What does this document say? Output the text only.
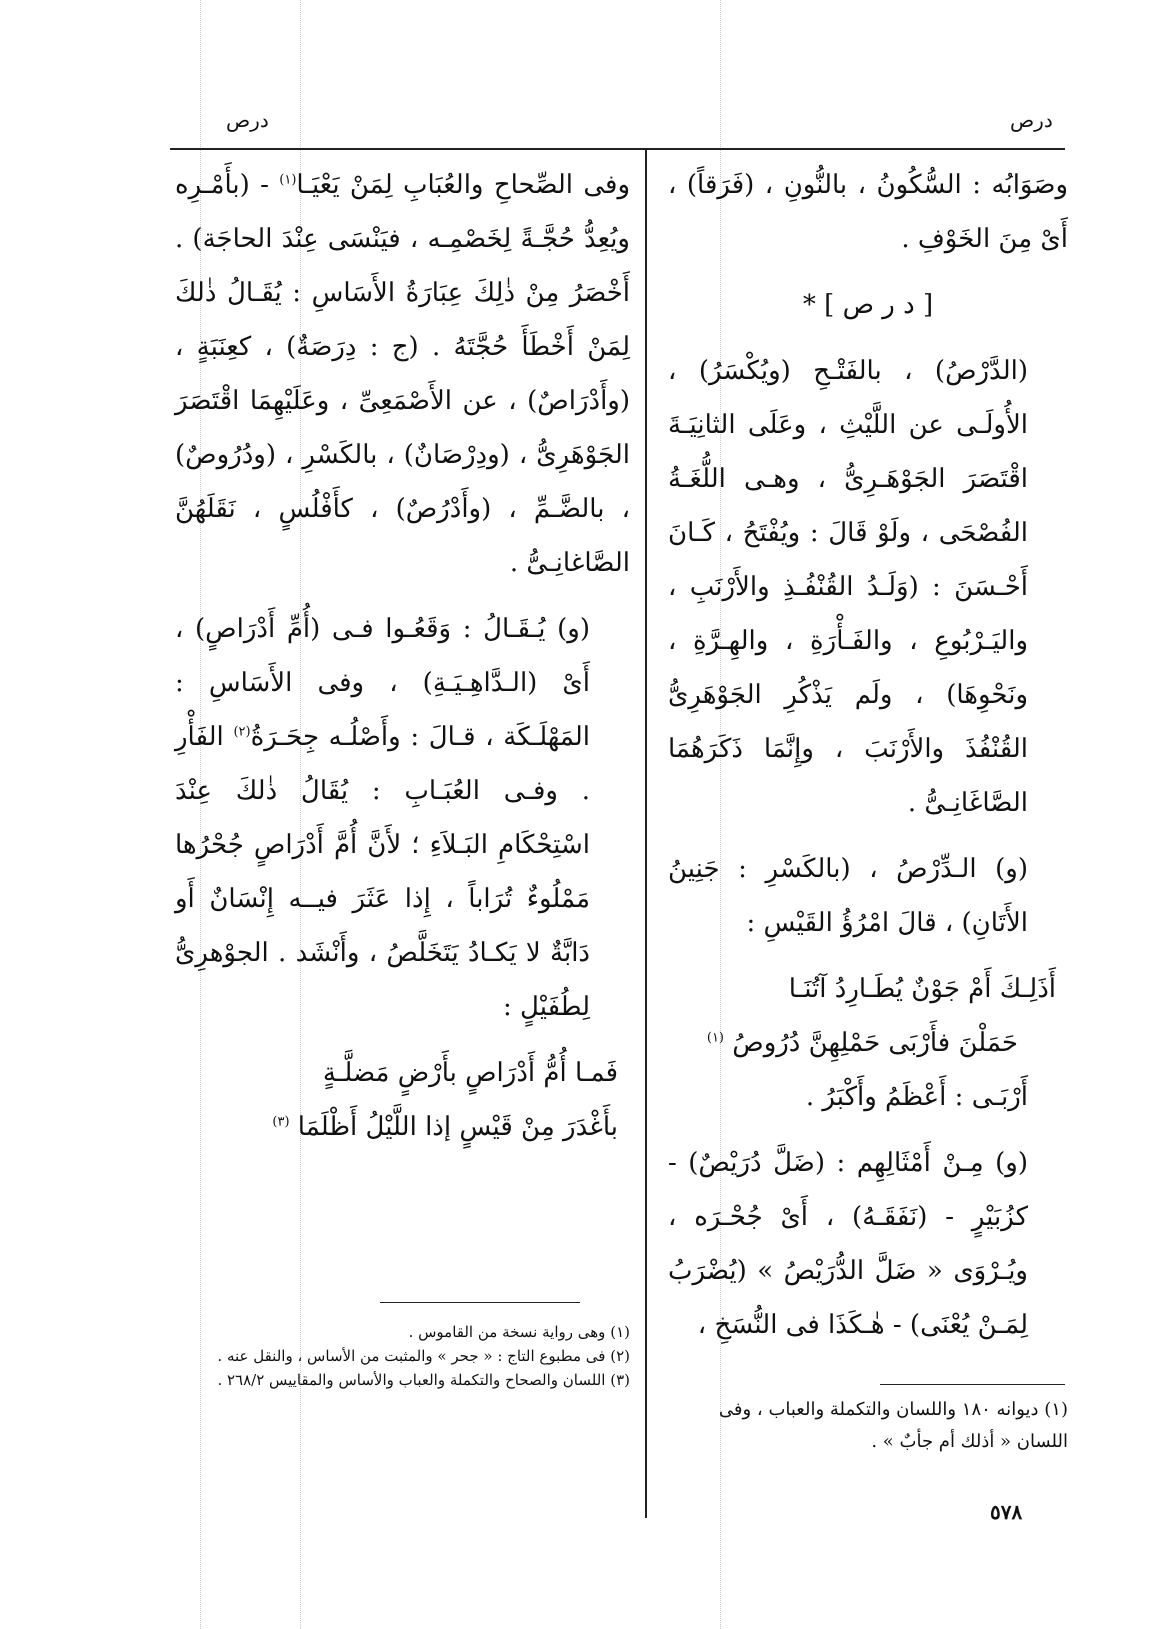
درص	درص

وصَوَابُه : السُّكُونُ ، بالنُّونِ ، (فَرَقاً) ، أَىْ مِنَ الخَوْفِ .

[ د ر ص ] *

(الدَّرْصُ) ، بالفَتْـحِ (ويُكْسَرُ) ، الأُولَـى عن اللَّيْثِ ، وعَلَى الثانِيَـةَ اقْتَصَرَ الجَوْهَـرِىُّ ، وهـى اللُّغَـةُ الفُصْحَى ، ولَوْ قَالَ : ويُفْتَحُ ، كَـانَ أَحْـسَنَ : (وَلَـدُ القُنْفُـذِ والأَرْنَبِ ، واليَـرْبُوعِ ، والفَـأْرَةِ ، والهِـرَّةِ ، ونَحْوِهَا) ، ولَم يَذْكُرِ الجَوْهَرِىُّ القُنْفُذَ والأَرْنَبَ ، وإِنَّمَا ذَكَرَهُمَا الصَّاغَانِـىُّ .

(و) الـدِّرْصُ ، (بالكَسْرِ : جَنِينُ الأَتَانِ) ، قالَ امْرُؤُ القَيْسِ :

أَذَلِـكَ أَمْ جَوْنٌ يُطَـارِدُ آتُنَـا
حَمَلْنَ فأَرْبَى حَمْلِهِنَّ دُرُوصُ $^{(١)}$

أَرْبَـى : أَعْظَمُ وأَكْبَرُ .

(و) مِـنْ أَمْثَالِهِم : (ضَلَّ دُرَيْصٌ) - كزُبَيْرٍ - (نَفَقَـهُ) ، أَىْ جُحْـرَه ، ويُـرْوَى « ضَلَّ الدُّرَيْصُ » (يُضْرَبُ لِمَـنْ يُعْنَى) - هٰـكَذَا فى النُّسَخِ ،

وفى الصِّحاحِ والعُبَابِ لِمَنْ يَعْيَـا$^{(١)}$ - (بأَمْـرِه ويُعِدُّ حُجَّـةً لِخَصْمِـه ، فيَنْسَى عِنْدَ الحاجَة) . أَخْصَرُ مِنْ ذٰلِكَ عِبَارَةُ الأَسَاسِ : يُقَـالُ ذٰلكَ لِمَنْ أَخْطَأَ حُجَّتَهُ . (ج : دِرَصَةٌ) ، كعِنَبَةٍ ، (وأَدْرَاصٌ) ، عن الأَصْمَعِىِّ ، وعَلَيْهِمَا اقْتَصَرَ الجَوْهَرِىُّ ، (ودِرْصَانٌ) ، بالكَسْرِ ، (ودُرُوصٌ) ، بالضَّـمِّ ، (وأَدْرُصٌ) ، كأَفْلُسٍ ، نَقَلَهُنَّ الصَّاغانِـىُّ .

(و) يُـقَـالُ : وَقَعُـوا فـى (أُمِّ أَدْرَاصٍ) ، أَىْ (الـدَّاهِـيَـةِ) ، وفى الأَسَاسِ : المَهْلَـكَة ، قـالَ : وأَصْلُـه جِحَـرَةُ$^{(٢)}$ الفَأْرِ . وفـى العُبَـابِ : يُقَالُ ذٰلكَ عِنْدَ اسْتِحْكَامِ البَـلاَءِ ؛ لأَنَّ أُمَّ أَدْرَاصٍ جُحْرُها مَمْلُوءٌ تُرَاباً ، إِذا عَثَرَ فيــه إِنْسَانٌ أَو دَابَّةٌ لا يَكـادُ يَتَخَلَّصُ ، وأَنْشَد . الجوْهرِىُّ لِطُفَيْلٍ :

فَمـا أُمُّ أَدْرَاصٍ بأَرْضٍ مَضلَّـةٍ
بأَغْدَرَ مِنْ قَيْسٍ إذا اللَّيْلُ أَظْلَمَا $^{(٣)}$
(١) ديوانه ١٨٠ واللسان والتكملة والعباب ، وفى اللسان « أذلك أم جأبٌ » .
(١) وهى رواية نسخة من القاموس .
(٢) فى مطبوع التاج : « جحر » والمثبت من الأساس ، والنقل عنه .
(٣) اللسان والصحاح والتكملة والعباب والأساس والمقاييس ٢٦٨/٢ .
٥٧٨
